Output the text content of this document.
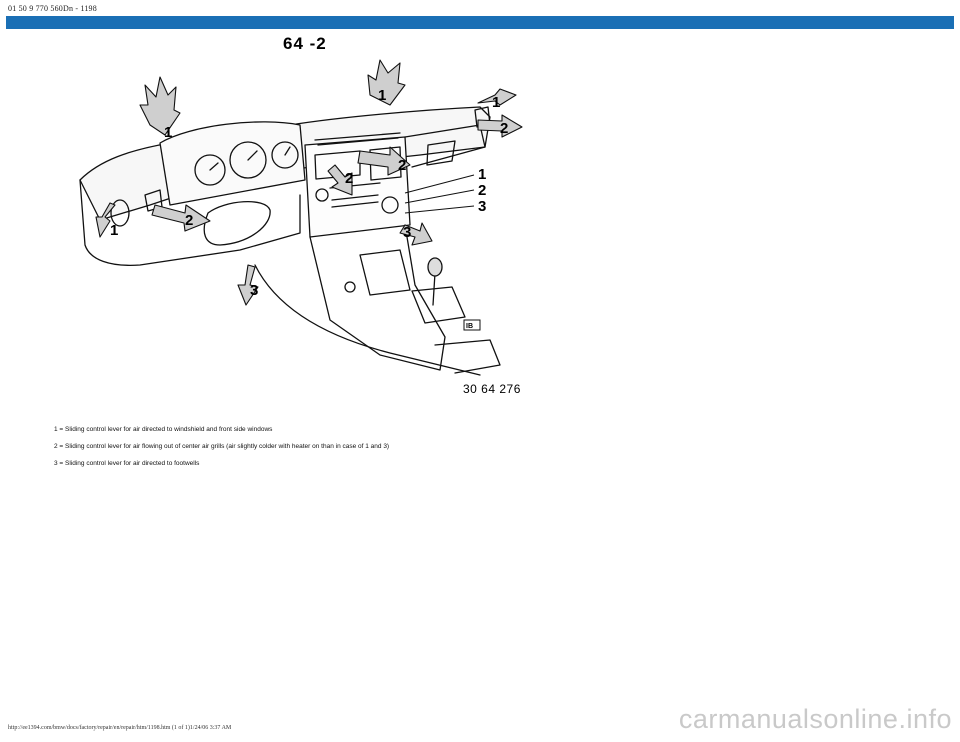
01 50 9 770 560Dn - 1198
64 -2
1
1	1
1
2
2
2
2
3
3
1
2
3
IB
30 64 276
1 = Sliding control lever for air directed to windshield and front side windows
2 = Sliding control lever for air flowing out of center air grills (air slightly colder with heater on than in case of 1 and 3)
3 = Sliding control lever for air directed to footwells
http://ee1394.com/bmw/docs/factory/repair/en/repair/htm/1198.htm (1 of 1)1/24/06 3:37 AM	carmanualsonline.info
